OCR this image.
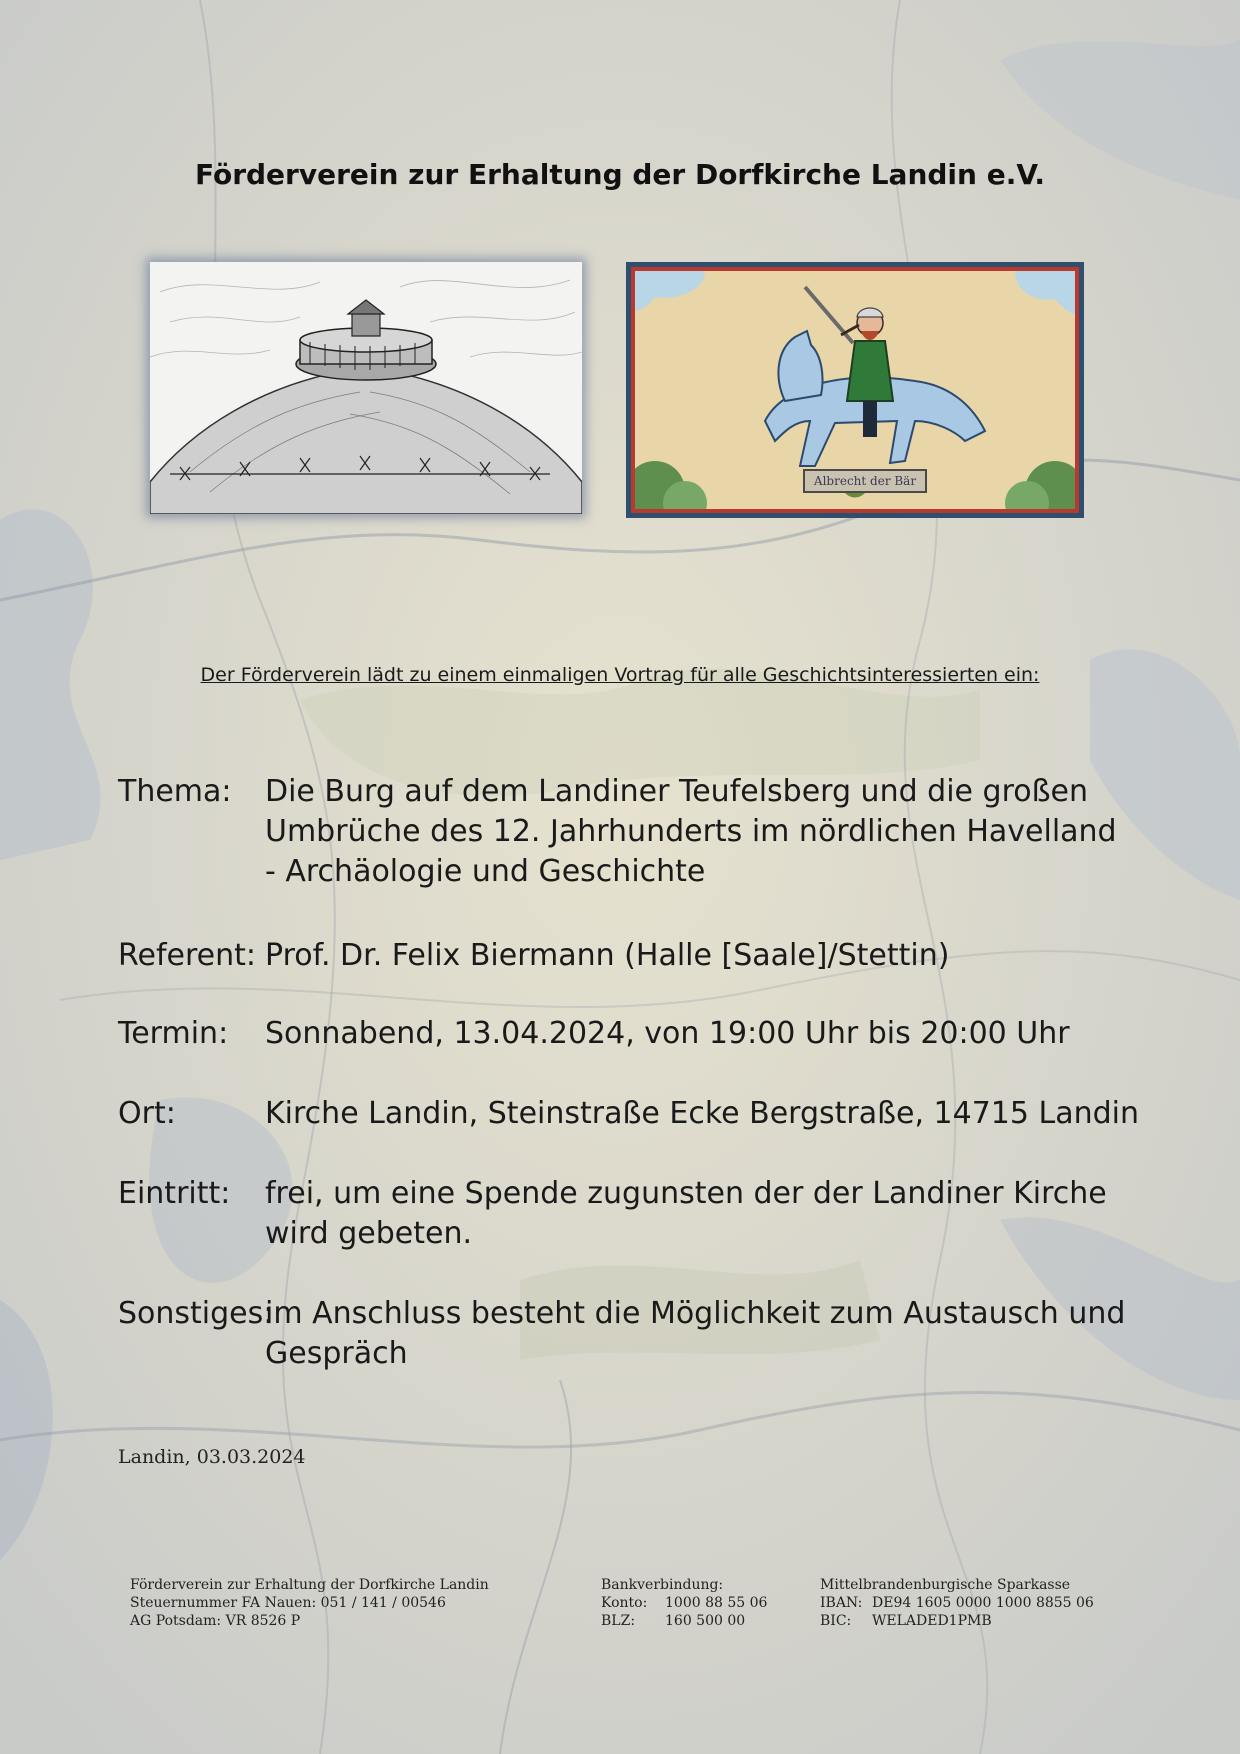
Förderverein zur Erhaltung der Dorfkirche Landin e.V.
Albrecht der Bär
Der Förderverein lädt zu einem einmaligen Vortrag für alle Geschichtsinteressierten ein:
Thema: Die Burg auf dem Landiner Teufelsberg und die großen
Umbrüche des 12. Jahrhunderts im nördlichen Havelland
- Archäologie und Geschichte
Referent: Prof. Dr. Felix Biermann (Halle [Saale]/Stettin)
Termin: Sonnabend, 13.04.2024, von 19:00 Uhr bis 20:00 Uhr
Ort:	Kirche Landin, Steinstraße Ecke Bergstraße, 14715 Landin
Eintritt: frei, um eine Spende zugunsten der der Landiner Kirche
wird gebeten.
Sonstiges:
im Anschluss besteht die Möglichkeit zum Austausch und
Gespräch
Landin, 03.03.2024
Förderverein zur Erhaltung der Dorfkirche Landin
Steuernummer FA Nauen: 051 / 141 / 00546
AG Potsdam: VR 8526 P
Bankverbindung:
Konto: 1000 88 55 06
BLZ: 160 500 00
Mittelbrandenburgische Sparkasse
IBAN: DE94 1605 0000 1000 8855 06
BIC: WELADED1PMB
